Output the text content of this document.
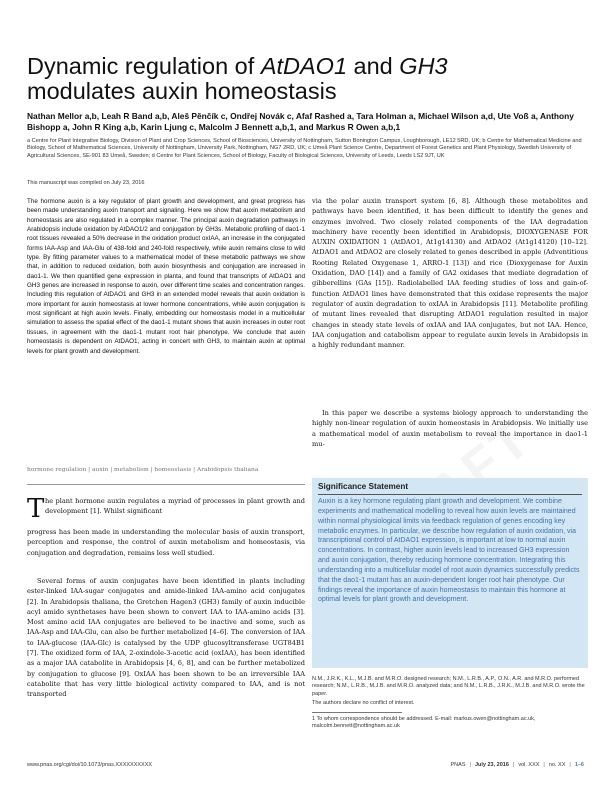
Dynamic regulation of AtDAO1 and GH3
modulates auxin homeostasis
Nathan Mellor a,b, Leah R Band a,b, Aleš Pěnčík c, Ondřej Novák c, Afaf Rashed a, Tara Holman a, Michael Wilson a,d, Ute Voß a, Anthony Bishopp a, John R King a,b, Karin Ljung c, Malcolm J Bennett a,b,1, and Markus R Owen a,b,1
a Centre for Plant Integrative Biology, Division of Plant and Crop Sciences, School of Biosciences, University of Nottingham, Sutton Bonington Campus, Loughborough, LE12 5RD, UK; b Centre for Mathematical Medicine and Biology, School of Mathematical Sciences, University of Nottingham, University Park, Nottingham, NG7 2RD, UK; c Umeå Plant Science Centre, Department of Forest Genetics and Plant Physiology, Swedish University of Agricultural Sciences, SE-901 83 Umeå, Sweden; d Centre for Plant Sciences, School of Biology, Faculty of Biological Sciences, University of Leeds, Leeds LS2 9JT, UK
This manuscript was compiled on July 23, 2016

The hormone auxin is a key regulator of plant growth and development, and great progress has been made understanding auxin transport and signaling. Here we show that auxin metabolism and homeostasis are also regulated in a complex manner. The principal auxin degradation pathways in Arabidopsis include oxidation by AtDAO1/2 and conjugation by GH3s. Metabolic profiling of dao1-1 root tissues revealed a 50% decrease in the oxidation product oxIAA, an increase in the conjugated forms IAA-Asp and IAA-Glu of 438-fold and 240-fold respectively, while auxin remains close to wild type. By fitting parameter values to a mathematical model of these metabolic pathways we show that, in addition to reduced oxidation, both auxin biosynthesis and conjugation are increased in dao1-1. We then quantified gene expression in planta, and found that transcripts of AtDAO1 and GH3 genes are increased in response to auxin, over different time scales and concentration ranges. Including this regulation of AtDAO1 and GH3 in an extended model reveals that auxin oxidation is more important for auxin homeostasis at lower hormone concentrations, while auxin conjugation is most significant at high auxin levels. Finally, embedding our homeostasis model in a multicellular simulation to assess the spatial effect of the dao1-1 mutant shows that auxin increases in outer root tissues, in agreement with the dao1-1 mutant root hair phenotype. We conclude that auxin homeostasis is dependent on AtDAO1, acting in concert with GH3, to maintain auxin at optimal levels for plant growth and development.

hormone regulation | auxin | metabolism | homeostasis | Arabidopsis thaliana
T he plant hormone auxin regulates a myriad of processes in plant growth and development [1]. Whilst significant

progress has been made in understanding the molecular basis of auxin transport, perception and response, the control of auxin metabolism and homeostasis, via conjugation and degradation, remains less well studied.

Several forms of auxin conjugates have been identified in plants including ester-linked IAA-sugar conjugates and amide-linked IAA-amino acid conjugates [2]. In Arabidopsis thaliana, the Gretchen Hagen3 (GH3) family of auxin inducible acyl amido synthetases have been shown to convert IAA to IAA-amino acids [3]. Most amino acid IAA conjugates are believed to be inactive and some, such as IAA-Asp and IAA-Glu, can also be further metabolized [4–6]. The conversion of IAA to IAA-glucose (IAA-Glc) is catalysed by the UDP glucosyltransferase UGT84B1 [7]. The oxidized form of IAA, 2-oxindole-3-acetic acid (oxIAA), has been identified as a major IAA catabolite in Arabidopsis [4, 6, 8], and can be further metabolized by conjugation to glucose [9]. OxIAA has been shown to be an irreversible IAA catabolite that has very little biological activity compared to IAA, and is not transported

via the polar auxin transport system [6, 8]. Although these metabolites and pathways have been identified, it has been difficult to identify the genes and enzymes involved. Two closely related components of the IAA degradation machinery have recently been identified in Arabidopsis, DIOXYGENASE FOR AUXIN OXIDATION 1 (AtDAO1, At1g14130) and AtDAO2 (At1g14120) [10–12]. AtDAO1 and AtDAO2 are closely related to genes described in apple (Adventitious Rooting Related Oxygenase 1, ARRO-1 [13]) and rice (Dioxygenase for Auxin Oxidation, DAO [14]) and a family of GA2 oxidases that mediate degradation of gibberellins (GAs [15]). Radiolabelled IAA feeding studies of loss and gain-of-function AtDAO1 lines have demonstrated that this oxidase represents the major regulator of auxin degradation to oxIAA in Arabidopsis [11]. Metabolite profiling of mutant lines revealed that disrupting AtDAO1 regulation resulted in major changes in steady state levels of oxIAA and IAA conjugates, but not IAA. Hence, IAA conjugation and catabolism appear to regulate auxin levels in Arabidopsis in a highly redundant manner.

In this paper we describe a systems biology approach to understanding the highly non-linear regulation of auxin homeostasis in Arabidopsis. We initially use a mathematical model of auxin metabolism to reveal the importance in dao1-1 mu-

Significance Statement

Auxin is a key hormone regulating plant growth and development. We combine experiments and mathematical modelling to reveal how auxin levels are maintained within normal physiological limits via feedback regulation of genes encoding key metabolic enzymes. In particular, we describe how regulation of auxin oxidation, via transcriptional control of AtDAO1 expression, is important at low to normal auxin concentrations. In contrast, higher auxin levels lead to increased GH3 expression and auxin conjugation, thereby reducing hormone concentration. Integrating this understanding into a multicellular model of root auxin dynamics successfully predicts that the dao1-1 mutant has an auxin-dependent longer root hair phenotype. Our findings reveal the importance of auxin homeostasis to maintain this hormone at optimal levels for plant growth and development.

N.M., J.R.K., K.L., M.J.B. and M.R.O. designed research; N.M., L.R.B., A.P., O.N., A.R. and M.R.O. performed research; N.M., L.R.B., M.J.B. and M.R.O. analyzed data; and N.M., L.R.B., J.R.K., M.J.B. and M.R.O. wrote the paper.

The authors declare no conflict of interest.

1 To whom correspondence should be addressed. E-mail: markus.owen@nottingham.ac.uk, malcolm.bennett@nottingham.ac.uk

www.pnas.org/cgi/doi/10.1073/pnas.XXXXXXXXXX	PNAS | July 23, 2016 | vol. XXX | no. XX | 1–6
